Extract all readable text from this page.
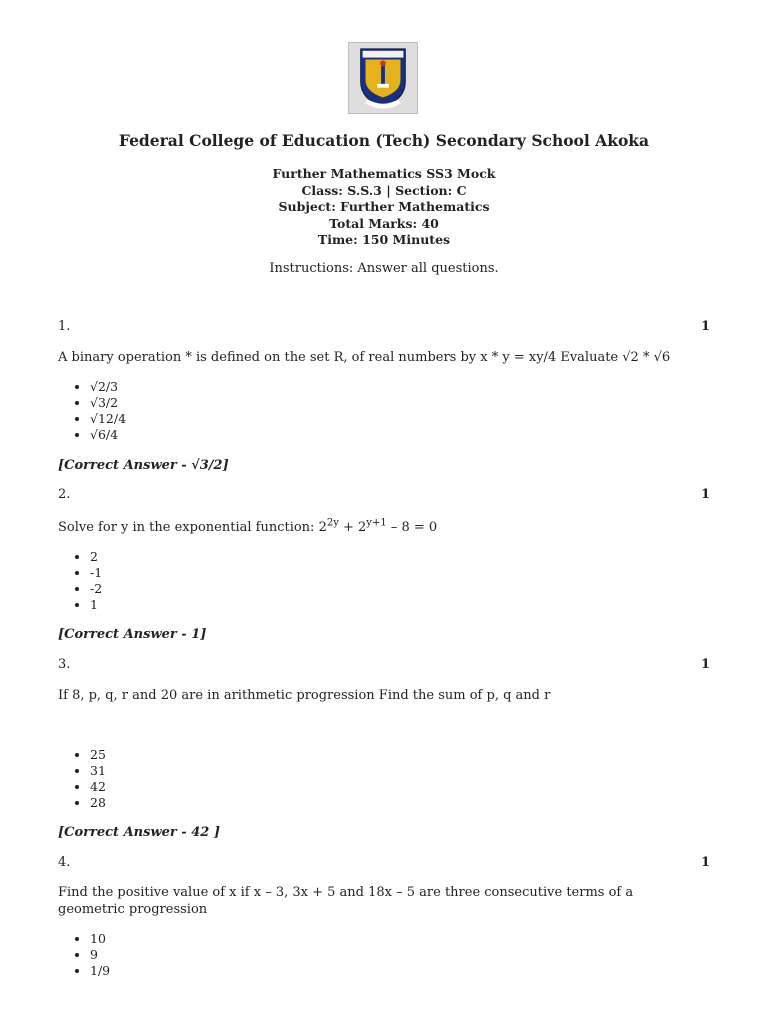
Federal College of Education (Tech) Secondary School Akoka
Further Mathematics SS3 Mock
Class: S.S.3 | Section: C
Subject: Further Mathematics
Total Marks: 40
Time: 150 Minutes
Instructions: Answer all questions.
1.	1
A binary operation * is defined on the set R, of real numbers by x * y = xy/4 Evaluate √2 * √6
• √2/3
• √3/2
• √12/4
• √6/4
[Correct Answer - √3/2]
2.	1
Solve for y in the exponential function: $2^{2y} + 2^{y+1} - 8 = 0$
• 2
• -1
• -2
• 1
[Correct Answer - 1]
3.	1
If 8, p, q, r and 20 are in arithmetic progression Find the sum of p, q and r
• 25
• 31
• 42
• 28
[Correct Answer - 42 ]
4.	1
Find the positive value of x if x – 3, 3x + 5 and 18x – 5 are three consecutive terms of a geometric progression
• 10
• 9
• 1/9
